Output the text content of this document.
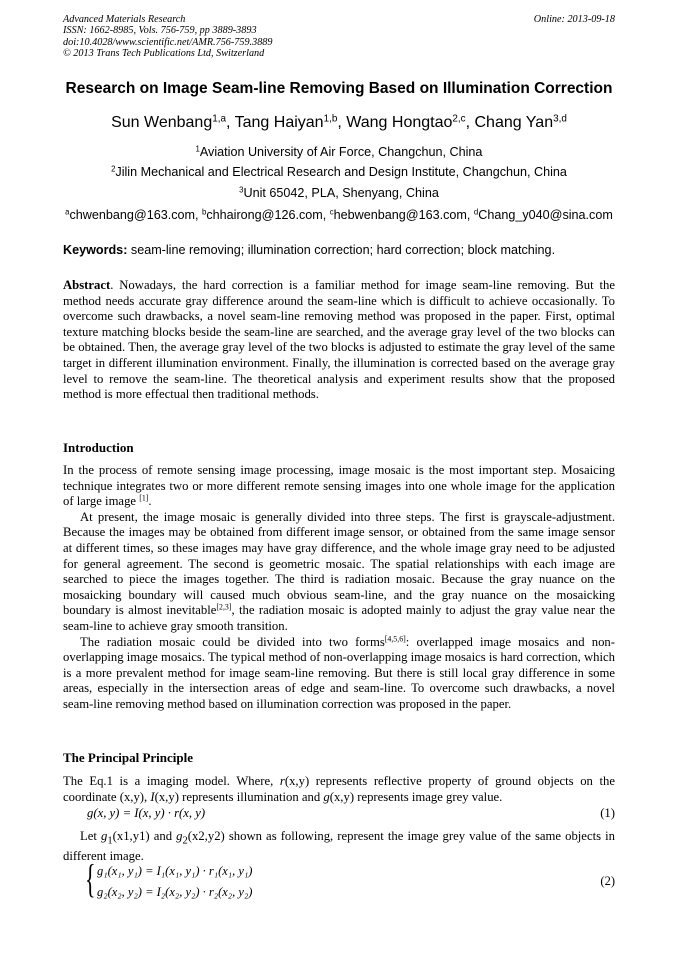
Advanced Materials Research
ISSN: 1662-8985, Vols. 756-759, pp 3889-3893
doi:10.4028/www.scientific.net/AMR.756-759.3889
© 2013 Trans Tech Publications Ltd, Switzerland
Online: 2013-09-18
Research on Image Seam-line Removing Based on Illumination Correction
Sun Wenbang$^{1,a}$, Tang Haiyan$^{1,b}$, Wang Hongtao$^{2,c}$, Chang Yan$^{3,d}$
$^1$Aviation University of Air Force, Changchun, China
$^2$Jilin Mechanical and Electrical Research and Design Institute, Changchun, China
$^3$Unit 65042, PLA, Shenyang, China
$^a$chwenbang@163.com, $^b$chhairong@126.com, $^c$hebwenbang@163.com, $^d$Chang_y040@sina.com
Keywords: seam-line removing; illumination correction; hard correction; block matching.

Abstract. Nowadays, the hard correction is a familiar method for image seam-line removing. But the method needs accurate gray difference around the seam-line which is difficult to achieve occasionally. To overcome such drawbacks, a novel seam-line removing method was proposed in the paper. First, optimal texture matching blocks beside the seam-line are searched, and the average gray level of the two blocks can be obtained. Then, the average gray level of the two blocks is adjusted to estimate the gray level of the same target in different illumination environment. Finally, the illumination is corrected based on the average gray level to remove the seam-line. The theoretical analysis and experiment results show that the proposed method is more effectual then traditional methods.

Introduction

In the process of remote sensing image processing, image mosaic is the most important step. Mosaicing technique integrates two or more different remote sensing images into one whole image for the application of large image [1].

At present, the image mosaic is generally divided into three steps. The first is grayscale-adjustment. Because the images may be obtained from different image sensor, or obtained from the same image sensor at different times, so these images may have gray difference, and the whole image gray need to be adjusted for general agreement. The second is geometric mosaic. The spatial relationships with each image are searched to piece the images together. The third is radiation mosaic. Because the gray nuance on the mosaicking boundary will caused much obvious seam-line, and the gray nuance on the mosaicking boundary is almost inevitable[2,3], the radiation mosaic is adopted mainly to adjust the gray value near the seam-line to achieve gray smooth transition.

The radiation mosaic could be divided into two forms[4,5,6]: overlapped image mosaics and non-overlapping image mosaics. The typical method of non-overlapping image mosaics is hard correction, which is a more prevalent method for image seam-line removing. But there is still local gray difference in some areas, especially in the intersection areas of edge and seam-line. To overcome such drawbacks, a novel seam-line removing method based on illumination correction was proposed in the paper.

The Principal Principle

The Eq.1 is a imaging model. Where, r(x,y) represents reflective property of ground objects on the coordinate (x,y), I(x,y) represents illumination and g(x,y) represents image grey value.

g(x, y) = I(x, y) · r(x, y)	(1)

Let $g_1(x1,y1)$ and $g_2(x2,y2)$ shown as following, represent the image grey value of the same objects in different image.

{ g₁(x₁, y₁) = I₁(x₁, y₁) · r₁(x₁, y₁)
g₂(x₂, y₂) = I₂(x₂, y₂) · r₂(x₂, y₂)
(2)
